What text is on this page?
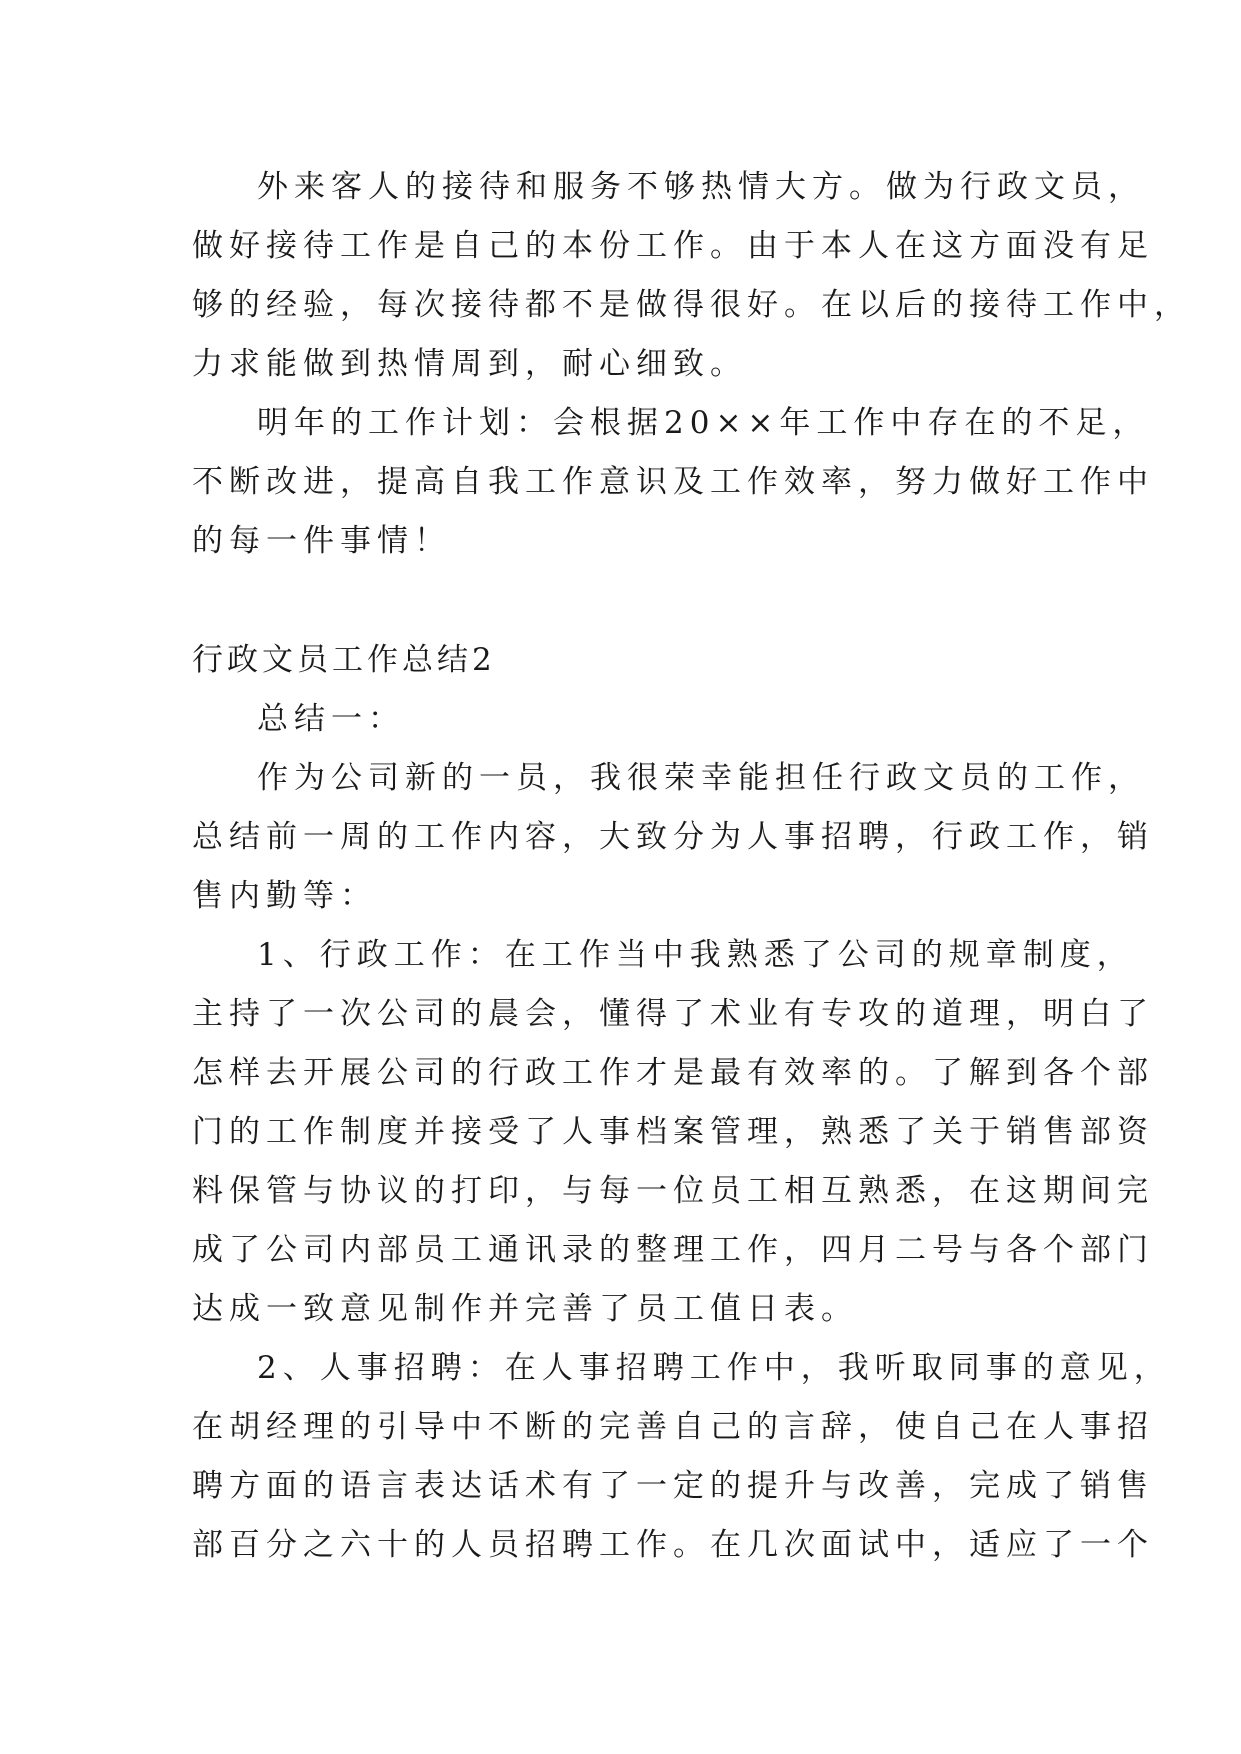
外来客人的接待和服务不够热情大方。做为行政文员，
做好接待工作是自己的本份工作。由于本人在这方面没有足
够的经验，每次接待都不是做得很好。在以后的接待工作中，
力求能做到热情周到，耐心细致。
明年的工作计划：会根据20××年工作中存在的不足，
不断改进，提高自我工作意识及工作效率，努力做好工作中
的每一件事情！
行政文员工作总结2
总结一：
作为公司新的一员，我很荣幸能担任行政文员的工作，
总结前一周的工作内容，大致分为人事招聘，行政工作，销
售内勤等：
1、行政工作：在工作当中我熟悉了公司的规章制度，
主持了一次公司的晨会，懂得了术业有专攻的道理，明白了
怎样去开展公司的行政工作才是最有效率的。了解到各个部
门的工作制度并接受了人事档案管理，熟悉了关于销售部资
料保管与协议的打印，与每一位员工相互熟悉，在这期间完
成了公司内部员工通讯录的整理工作，四月二号与各个部门
达成一致意见制作并完善了员工值日表。
2、人事招聘：在人事招聘工作中，我听取同事的意见，
在胡经理的引导中不断的完善自己的言辞，使自己在人事招
聘方面的语言表达话术有了一定的提升与改善，完成了销售
部百分之六十的人员招聘工作。在几次面试中，适应了一个
